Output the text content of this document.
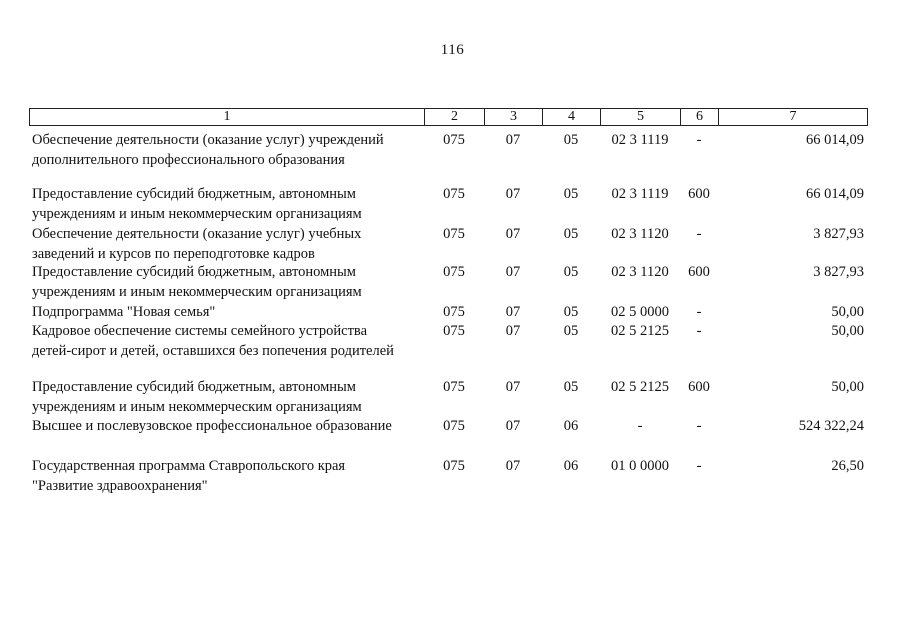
116
1	2	3	4	5	6	7
Обеспечение деятельности (оказание услуг) учреждений
дополнительного профессионального образования
075	07	05	02 3 1119	-	66 014,09
Предоставление субсидий бюджетным, автономным
учреждениям и иным некоммерческим организациям
075	07	05	02 3 1119	600	66 014,09
Обеспечение деятельности (оказание услуг) учебных
заведений и курсов по переподготовке кадров
075	07	05	02 3 1120	-	3 827,93
Предоставление субсидий бюджетным, автономным
учреждениям и иным некоммерческим организациям
075	07	05	02 3 1120	600	3 827,93
Подпрограмма "Новая семья"	075	07	05	02 5 0000	-	50,00
Кадровое обеспечение системы семейного устройства
детей-сирот и детей, оставшихся без попечения родителей
075	07	05	02 5 2125	-	50,00
Предоставление субсидий бюджетным, автономным
учреждениям и иным некоммерческим организациям
075	07	05	02 5 2125	600	50,00
Высшее и послевузовское профессиональное образование	075	07	06	-	-	524 322,24
Государственная программа Ставропольского края
"Развитие здравоохранения"
075	07	06	01 0 0000	-	26,50
